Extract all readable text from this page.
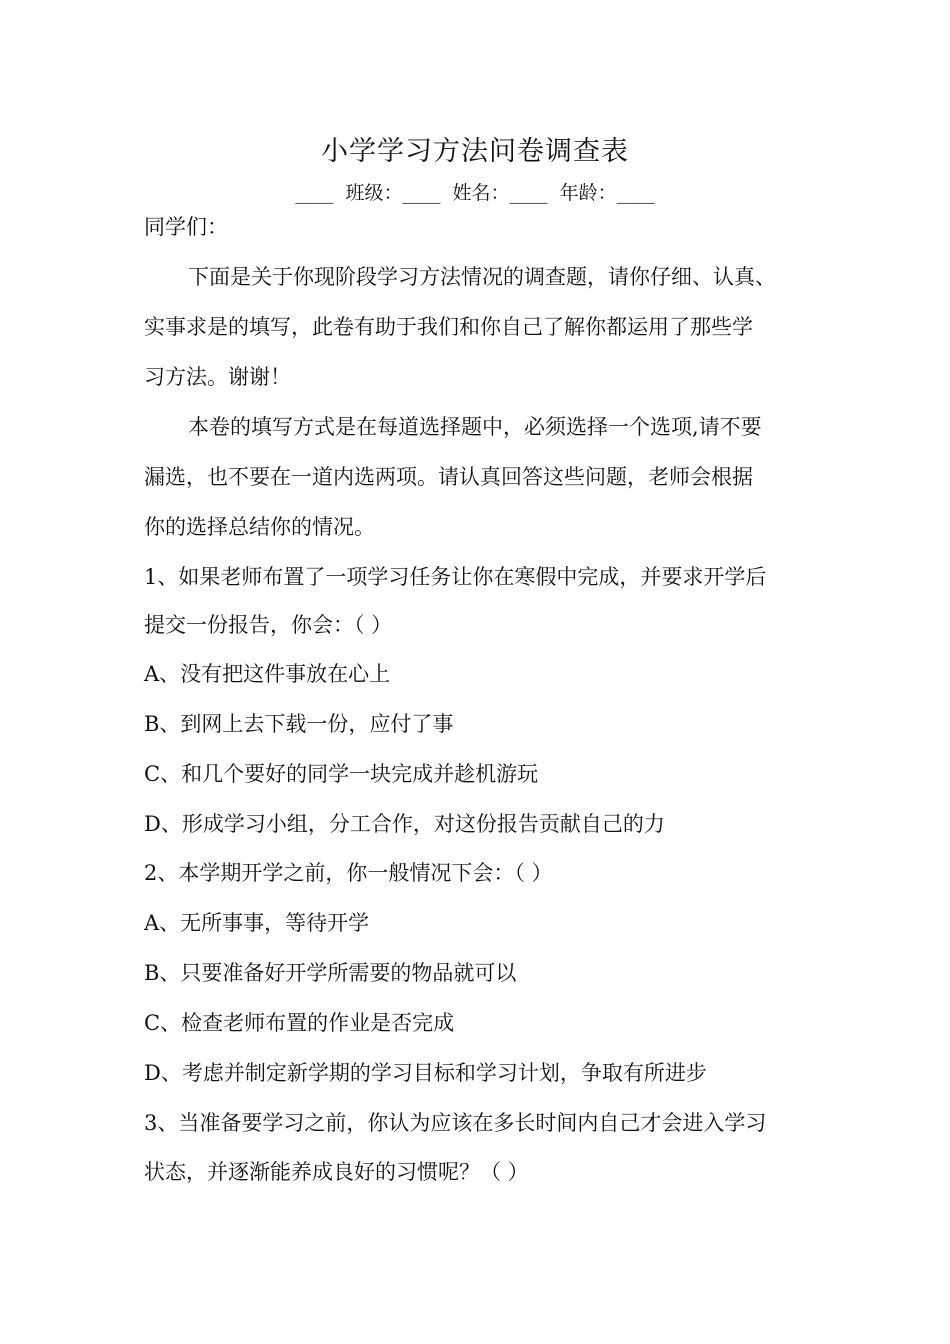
小学学习方法问卷调查表
____  班级：____  姓名：____  年龄：____
同学们：
下面是关于你现阶段学习方法情况的调查题，请你仔细、认真、
实事求是的填写，此卷有助于我们和你自己了解你都运用了那些学
习方法。谢谢！
本卷的填写方式是在每道选择题中，必须选择一个选项,请不要
漏选，也不要在一道内选两项。请认真回答这些问题，老师会根据
你的选择总结你的情况。
1、如果老师布置了一项学习任务让你在寒假中完成，并要求开学后
提交一份报告，你会：（ ）
A、没有把这件事放在心上
B、到网上去下载一份，应付了事
C、和几个要好的同学一块完成并趁机游玩
D、形成学习小组，分工合作，对这份报告贡献自己的力
2、本学期开学之前，你一般情况下会：（ ）
A、无所事事，等待开学
B、只要准备好开学所需要的物品就可以
C、检查老师布置的作业是否完成
D、考虑并制定新学期的学习目标和学习计划，争取有所进步
3、当准备要学习之前，你认为应该在多长时间内自己才会进入学习
状态，并逐渐能养成良好的习惯呢？（ ）
